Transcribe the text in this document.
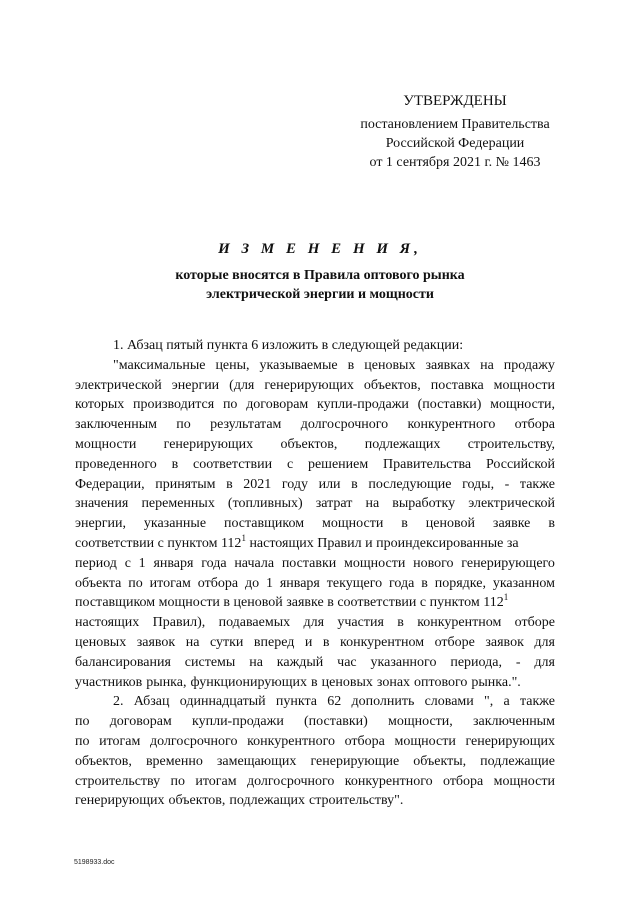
УТВЕРЖДЕНЫ
постановлением Правительства
Российской Федерации
от 1 сентября 2021 г. № 1463
И З М Е Н Е Н И Я,
которые вносятся в Правила оптового рынка
электрической энергии и мощности
1. Абзац пятый пункта 6 изложить в следующей редакции:
"максимальные цены, указываемые в ценовых заявках на продажу
электрической энергии (для генерирующих объектов, поставка мощности
которых производится по договорам купли-продажи (поставки) мощности,
заключенным по результатам долгосрочного конкурентного отбора
мощности генерирующих объектов, подлежащих строительству,
проведенного в соответствии с решением Правительства Российской
Федерации, принятым в 2021 году или в последующие годы, - также
значения переменных (топливных) затрат на выработку электрической
энергии, указанные поставщиком мощности в ценовой заявке в
соответствии с пунктом $112^1$ настоящих Правил и проиндексированные за
период с 1 января года начала поставки мощности нового генерирующего
объекта по итогам отбора до 1 января текущего года в порядке, указанном
поставщиком мощности в ценовой заявке в соответствии с пунктом $112^1$
настоящих Правил), подаваемых для участия в конкурентном отборе
ценовых заявок на сутки вперед и в конкурентном отборе заявок для
балансирования системы на каждый час указанного периода, - для
участников рынка, функционирующих в ценовых зонах оптового рынка.".
2. Абзац одиннадцатый пункта 62 дополнить словами ", а также
по договорам купли-продажи (поставки) мощности, заключенным
по итогам долгосрочного конкурентного отбора мощности генерирующих
объектов, временно замещающих генерирующие объекты, подлежащие
строительству по итогам долгосрочного конкурентного отбора мощности
генерирующих объектов, подлежащих строительству".
5198933.doc
